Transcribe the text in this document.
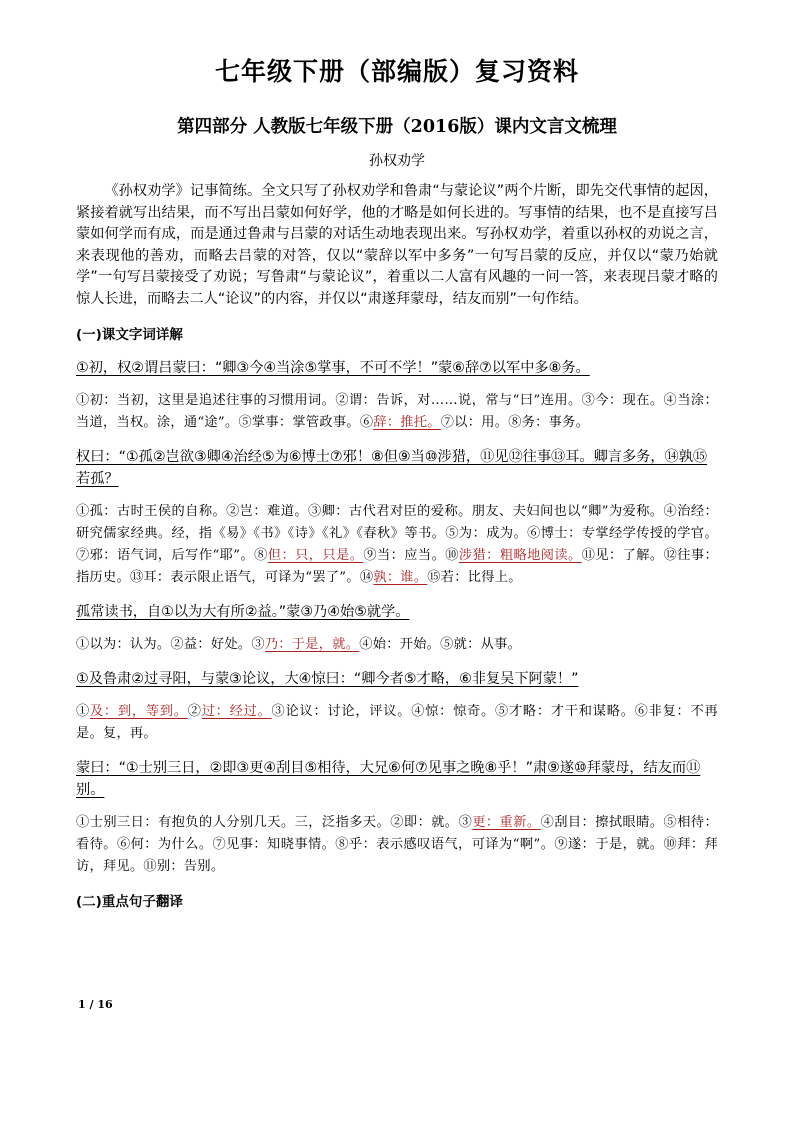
七年级下册（部编版）复习资料
第四部分 人教版七年级下册（2016版）课内文言文梳理
孙权劝学

《孙权劝学》记事简练。全文只写了孙权劝学和鲁肃“与蒙论议”两个片断，即先交代事情的起因，紧接着就写出结果，而不写出吕蒙如何好学，他的才略是如何长进的。写事情的结果，也不是直接写吕蒙如何学而有成，而是通过鲁肃与吕蒙的对话生动地表现出来。写孙权劝学，着重以孙权的劝说之言，来表现他的善劝，而略去吕蒙的对答，仅以“蒙辞以军中多务”一句写吕蒙的反应，并仅以“蒙乃始就学”一句写吕蒙接受了劝说；写鲁肃“与蒙论议”，着重以二人富有风趣的一问一答，来表现吕蒙才略的惊人长进，而略去二人“论议”的内容，并仅以“肃遂拜蒙母，结友而别”一句作结。

(一)课文字词详解
①初，权②谓吕蒙曰：“卿③今④当涂⑤掌事，不可不学！”蒙⑥辞⑦以军中多⑧务。
①初：当初，这里是追述往事的习惯用词。②谓：告诉，对……说，常与“曰”连用。③今：现在。④当涂：当道，当权。涂，通“途”。⑤掌事：掌管政事。⑥辞：推托。⑦以：用。⑧务：事务。
权曰：“①孤②岂欲③卿④治经⑤为⑥博士⑦邪！⑧但⑨当⑩涉猎，⑪见⑫往事⑬耳。卿言多务，⑭孰⑮若孤？
①孤：古时王侯的自称。②岂：难道。③卿：古代君对臣的爱称。朋友、夫妇间也以“卿”为爱称。④治经：研究儒家经典。经，指《易》《书》《诗》《礼》《春秋》等书。⑤为：成为。⑥博士：专掌经学传授的学官。⑦邪：语气词，后写作“耶”。⑧但：只，只是。⑨当：应当。⑩涉猎：粗略地阅读。⑪见：了解。⑫往事：指历史。⑬耳：表示限止语气，可译为“罢了”。⑭孰：谁。⑮若：比得上。
孤常读书，自①以为大有所②益。”蒙③乃④始⑤就学。
①以为：认为。②益：好处。③乃：于是，就。④始：开始。⑤就：从事。
①及鲁肃②过寻阳，与蒙③论议，大④惊曰：“卿今者⑤才略，⑥非复吴下阿蒙！”
①及：到，等到。②过：经过。③论议：讨论，评议。④惊：惊奇。⑤才略：才干和谋略。⑥非复：不再是。复，再。
蒙曰：“①士别三日，②即③更④刮目⑤相待，大兄⑥何⑦见事之晚⑧乎！”肃⑨遂⑩拜蒙母，结友而⑪别。
①士别三日：有抱负的人分别几天。三，泛指多天。②即：就。③更：重新。④刮目：擦拭眼睛。⑤相待：看待。⑥何：为什么。⑦见事：知晓事情。⑧乎：表示感叹语气，可译为“啊”。⑨遂：于是，就。⑩拜：拜访，拜见。⑪别：告别。
(二)重点句子翻译
1 / 16
